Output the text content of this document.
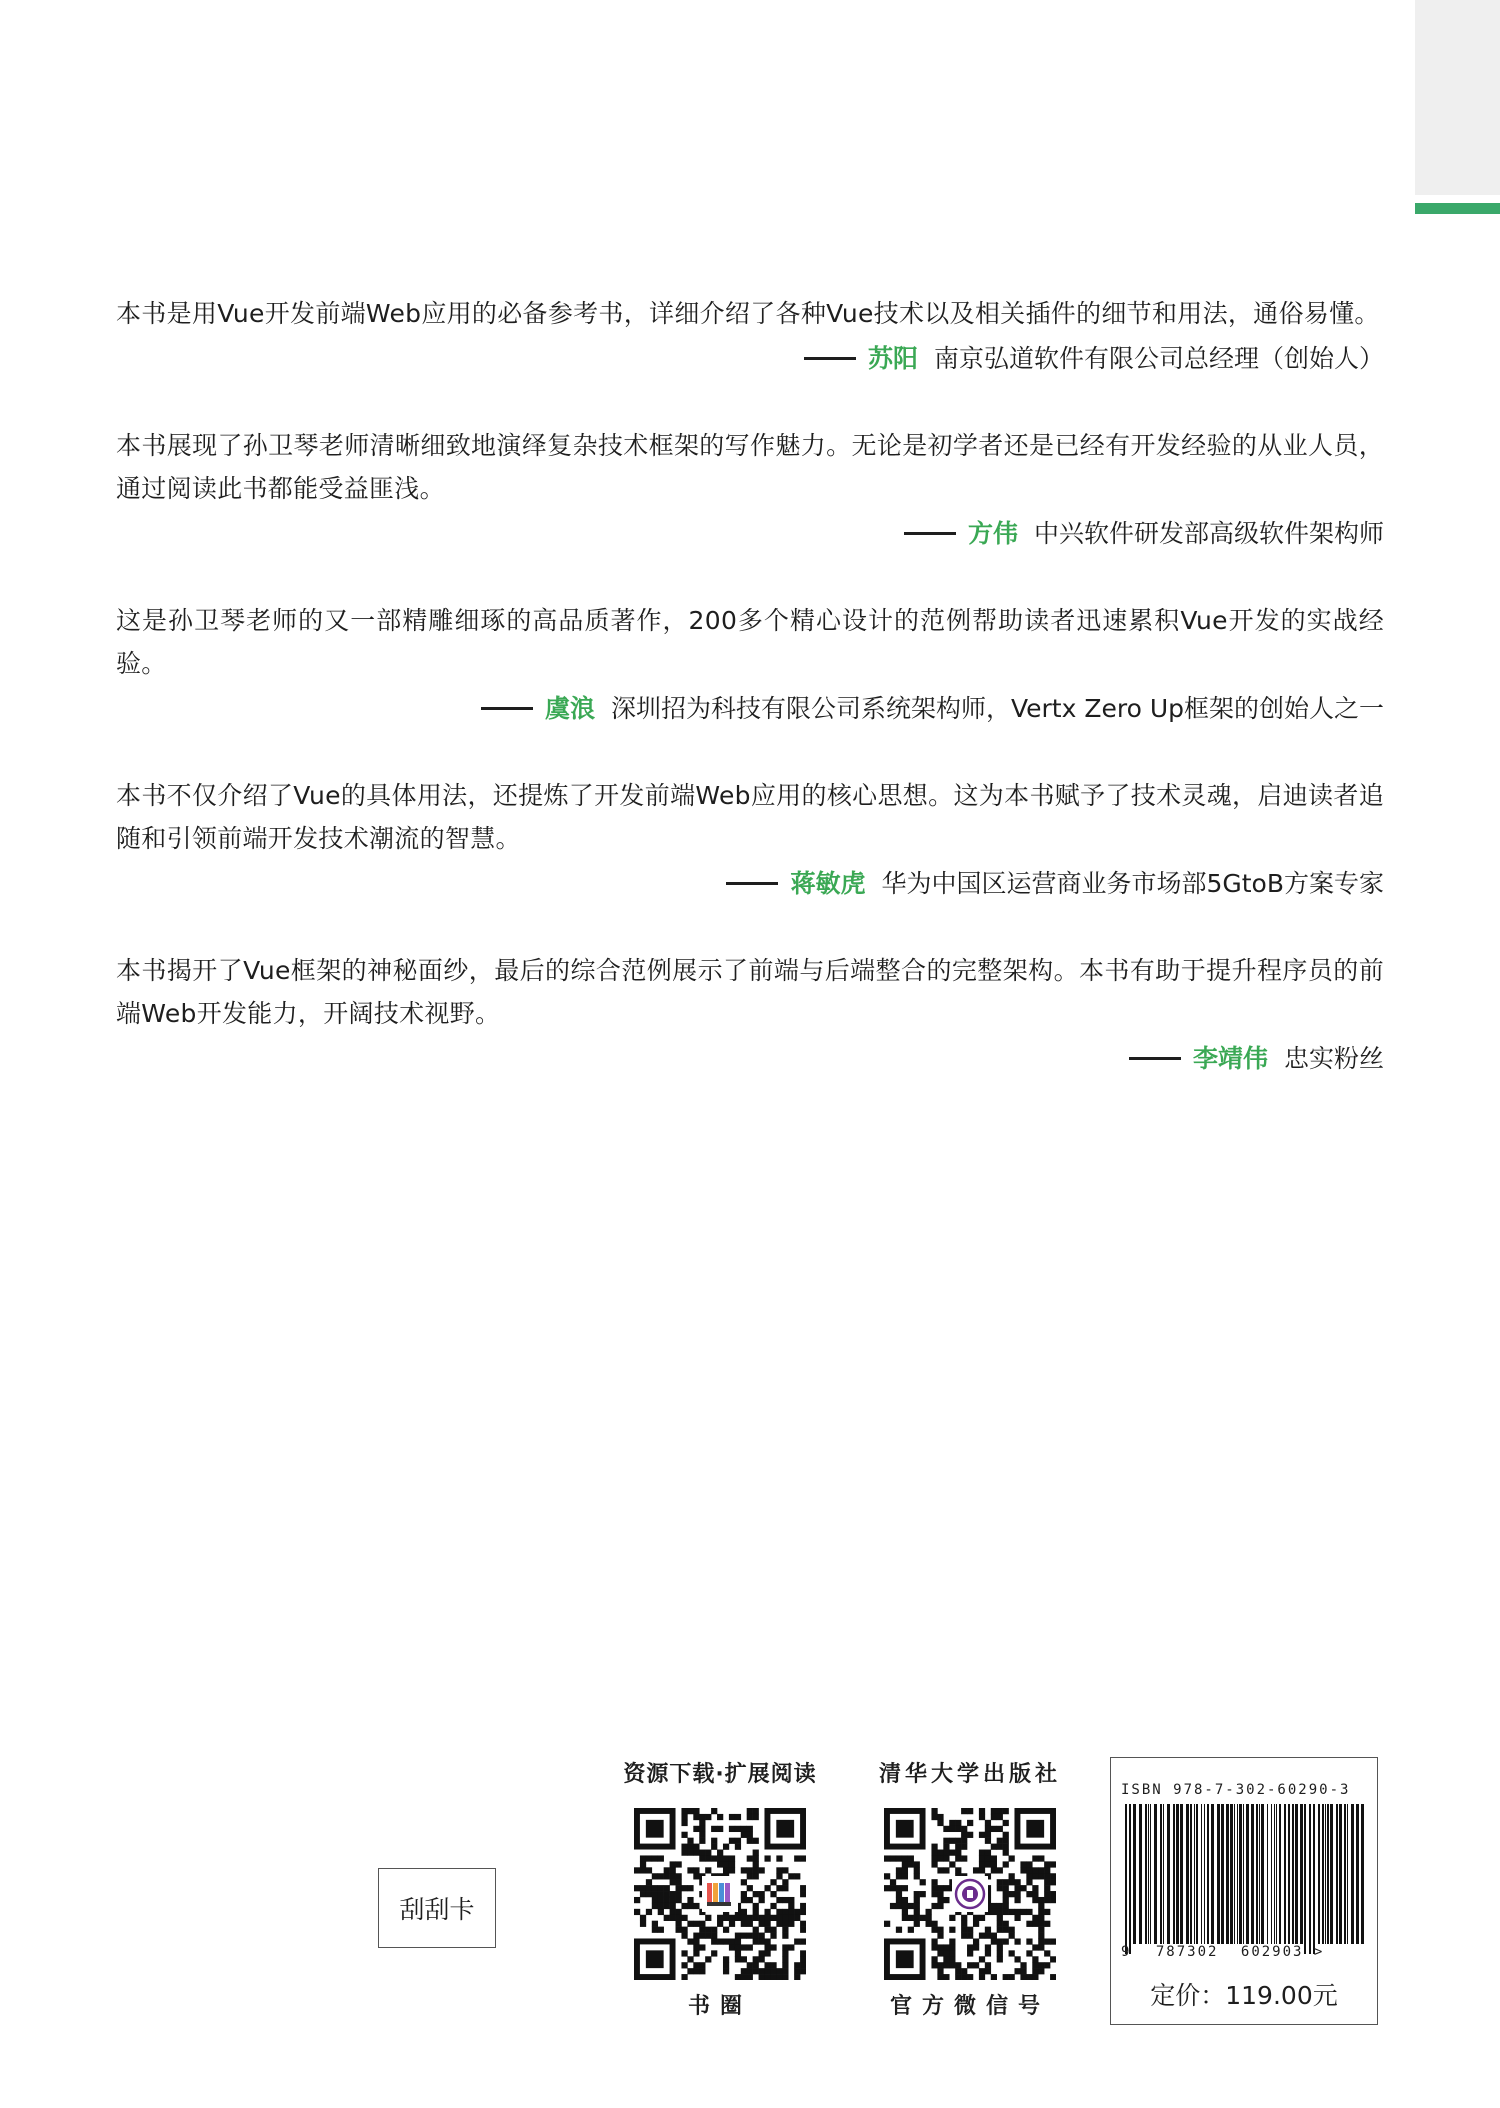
本书是用Vue开发前端Web应用的必备参考书，详细介绍了各种Vue技术以及相关插件的细节和用法，通俗易懂。

苏阳 南京弘道软件有限公司总经理（创始人）

本书展现了孙卫琴老师清晰细致地演绎复杂技术框架的写作魅力。无论是初学者还是已经有开发经验的从业人员，通过阅读此书都能受益匪浅。

方伟 中兴软件研发部高级软件架构师

这是孙卫琴老师的又一部精雕细琢的高品质著作，200多个精心设计的范例帮助读者迅速累积Vue开发的实战经验。

虞浪 深圳招为科技有限公司系统架构师，Vertx Zero Up框架的创始人之一

本书不仅介绍了Vue的具体用法，还提炼了开发前端Web应用的核心思想。这为本书赋予了技术灵魂，启迪读者追随和引领前端开发技术潮流的智慧。

蒋敏虎 华为中国区运营商业务市场部5GtoB方案专家

本书揭开了Vue框架的神秘面纱，最后的综合范例展示了前端与后端整合的完整架构。本书有助于提升程序员的前端Web开发能力，开阔技术视野。

李靖伟 忠实粉丝
刮刮卡
资源下载·扩展阅读
书圈
清华大学出版社
官方微信号
ISBN 978-7-302-60290-3
9 787302 602903 >
定价：119.00元
